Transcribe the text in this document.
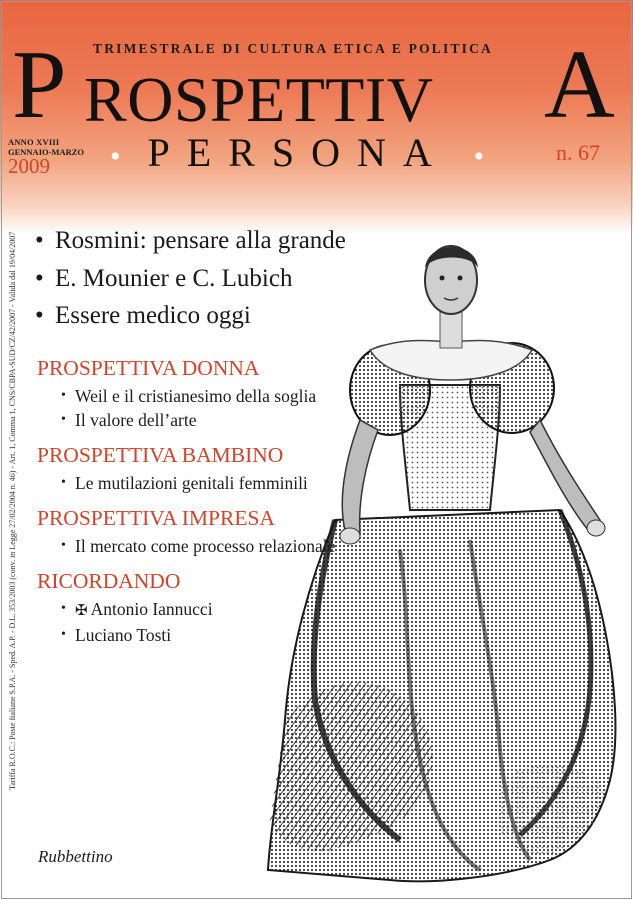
TRIMESTRALE DI CULTURA ETICA E POLITICA
P ROSPETTIV A
• PERSONA •
ANNO XVIII
GENNAIO-MARZO
2009
n. 67
Tariffa R.O.C.: Poste Italiane S.P.A. - Sped. A.P. - D.L. 353/2003 (conv. in Legge 27/02/2004 n. 46) - Art. 1, Comma 1, CNS/CBPA-SUD/CZ/42/2007 - Valida dal 19/04/2007 • Rosmini: pensare alla grande
• E. Mounier e C. Lubich
• Essere medico oggi
PROSPETTIVA DONNA
• Weil e il cristianesimo della soglia
• Il valore dell’arte
PROSPETTIVA BAMBINO
• Le mutilazioni genitali femminili
PROSPETTIVA IMPRESA
• Il mercato come processo relazionale
RICORDANDO
• ✠ Antonio Iannucci
• Luciano Tosti
Rubbettino
